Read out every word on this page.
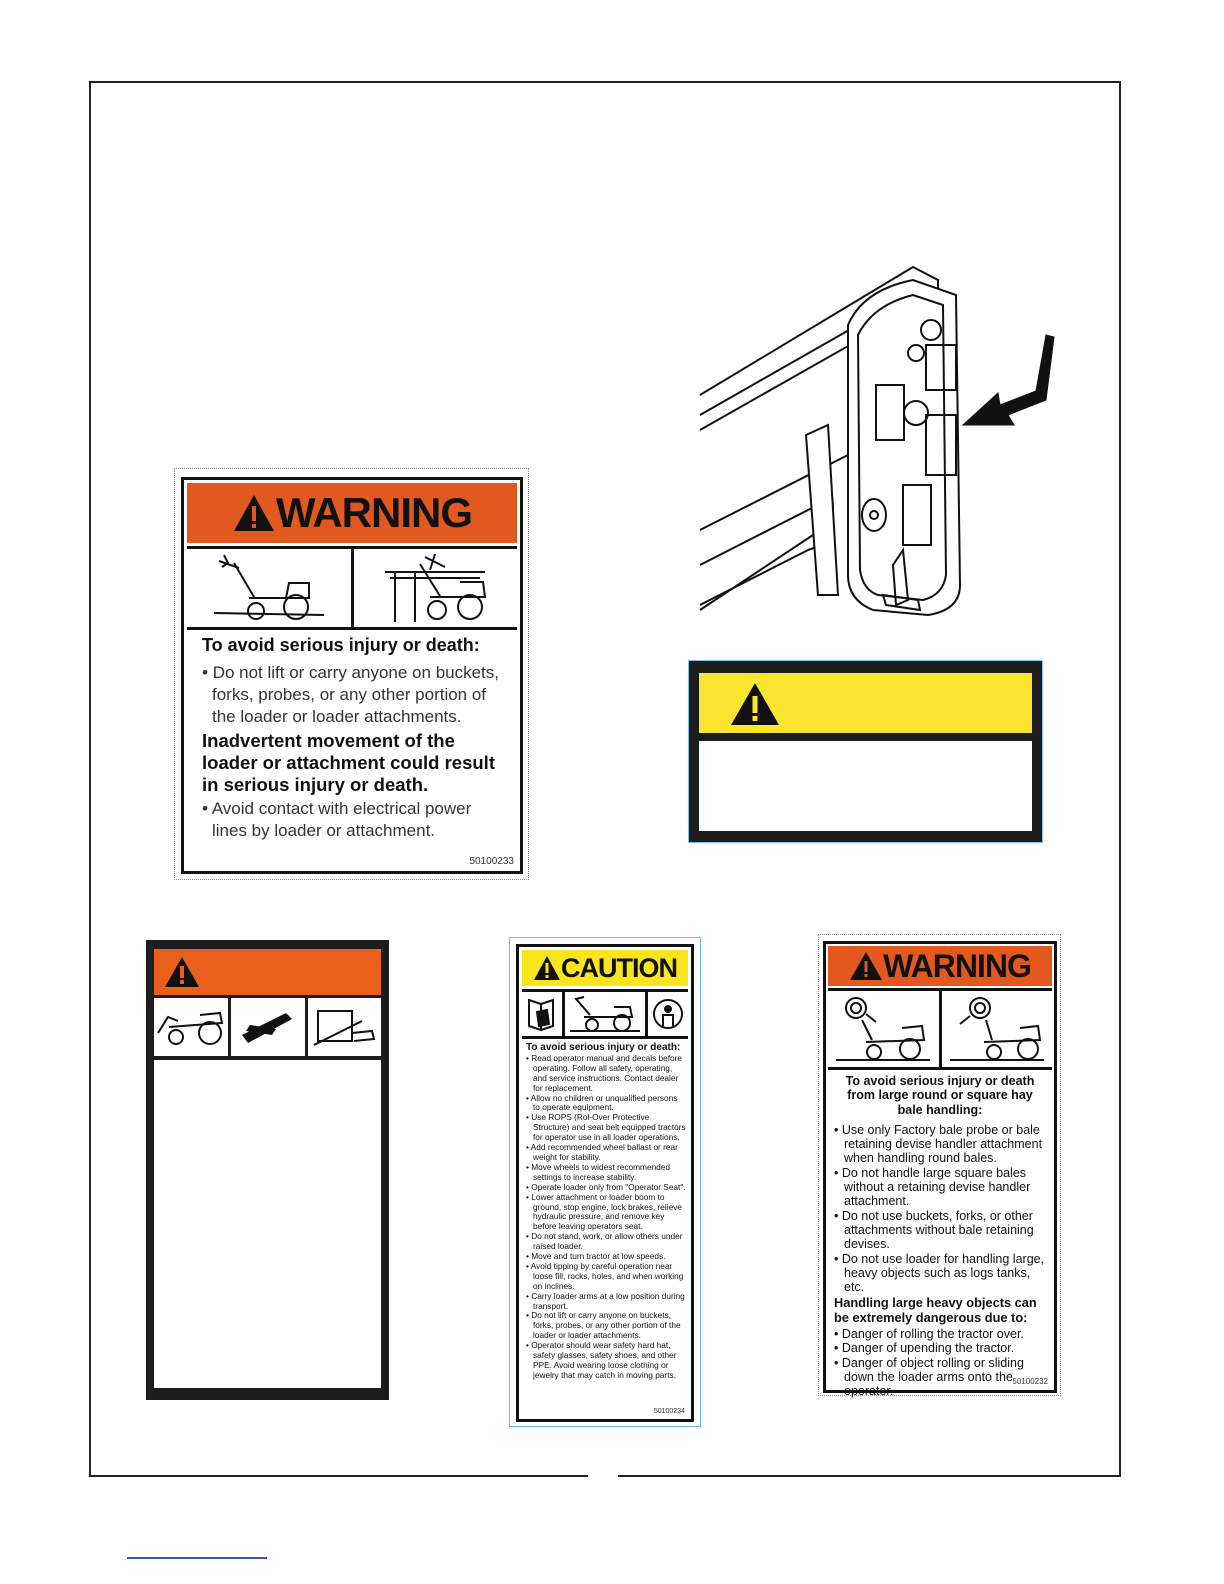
WARNING
To avoid serious injury or death:
• Do not lift or carry anyone on buckets, forks, probes, or any other portion of the loader or loader attachments.
Inadvertent movement of the loader or attachment could result in serious injury or death.
• Avoid contact with electrical power lines by loader or attachment.
50100233
CAUTION
To avoid serious injury or death:
• Read operator manual and decals before operating. Follow all safety, operating, and service instructions. Contact dealer for replacement.
• Allow no children or unqualified persons to operate equipment.
• Use ROPS (Rol-Over Protective Structure) and seat belt equipped tractors for operator use in all loader operations.
• Add recommended wheel ballast or rear weight for stability.
• Move wheels to widest recommended settings to increase stability.
• Operate loader only from "Operator Seat".
• Lower attachment or loader boom to ground, stop engine, lock brakes, relieve hydraulic pressure, and remove key before leaving operators seat.
• Do not stand, work, or allow others under raised loader.
• Move and turn tractor at low speeds.
• Avoid tipping by careful operation near loose fill, rocks, holes, and when working on inclines.
• Carry loader arms at a low position during transport.
• Do not lift or carry anyone on buckets, forks, probes, or any other portion of the loader or loader attachments.
• Operator should wear safety hard hat, safety glasses, safety shoes, and other PPE. Avoid wearing loose clothing or jewelry that may catch in moving parts.
50100234
WARNING
To avoid serious injury or death from large round or square hay bale handling:
• Use only Factory bale probe or bale retaining devise handler attachment when handling round bales.
• Do not handle large square bales without a retaining devise handler attachment.
• Do not use buckets, forks, or other attachments without bale retaining devises.
• Do not use loader for handling large, heavy objects such as logs tanks, etc.
Handling large heavy objects can be extremely dangerous due to:
• Danger of rolling the tractor over.
• Danger of upending the tractor.
• Danger of object rolling or sliding down the loader arms onto the operator.
50100232
